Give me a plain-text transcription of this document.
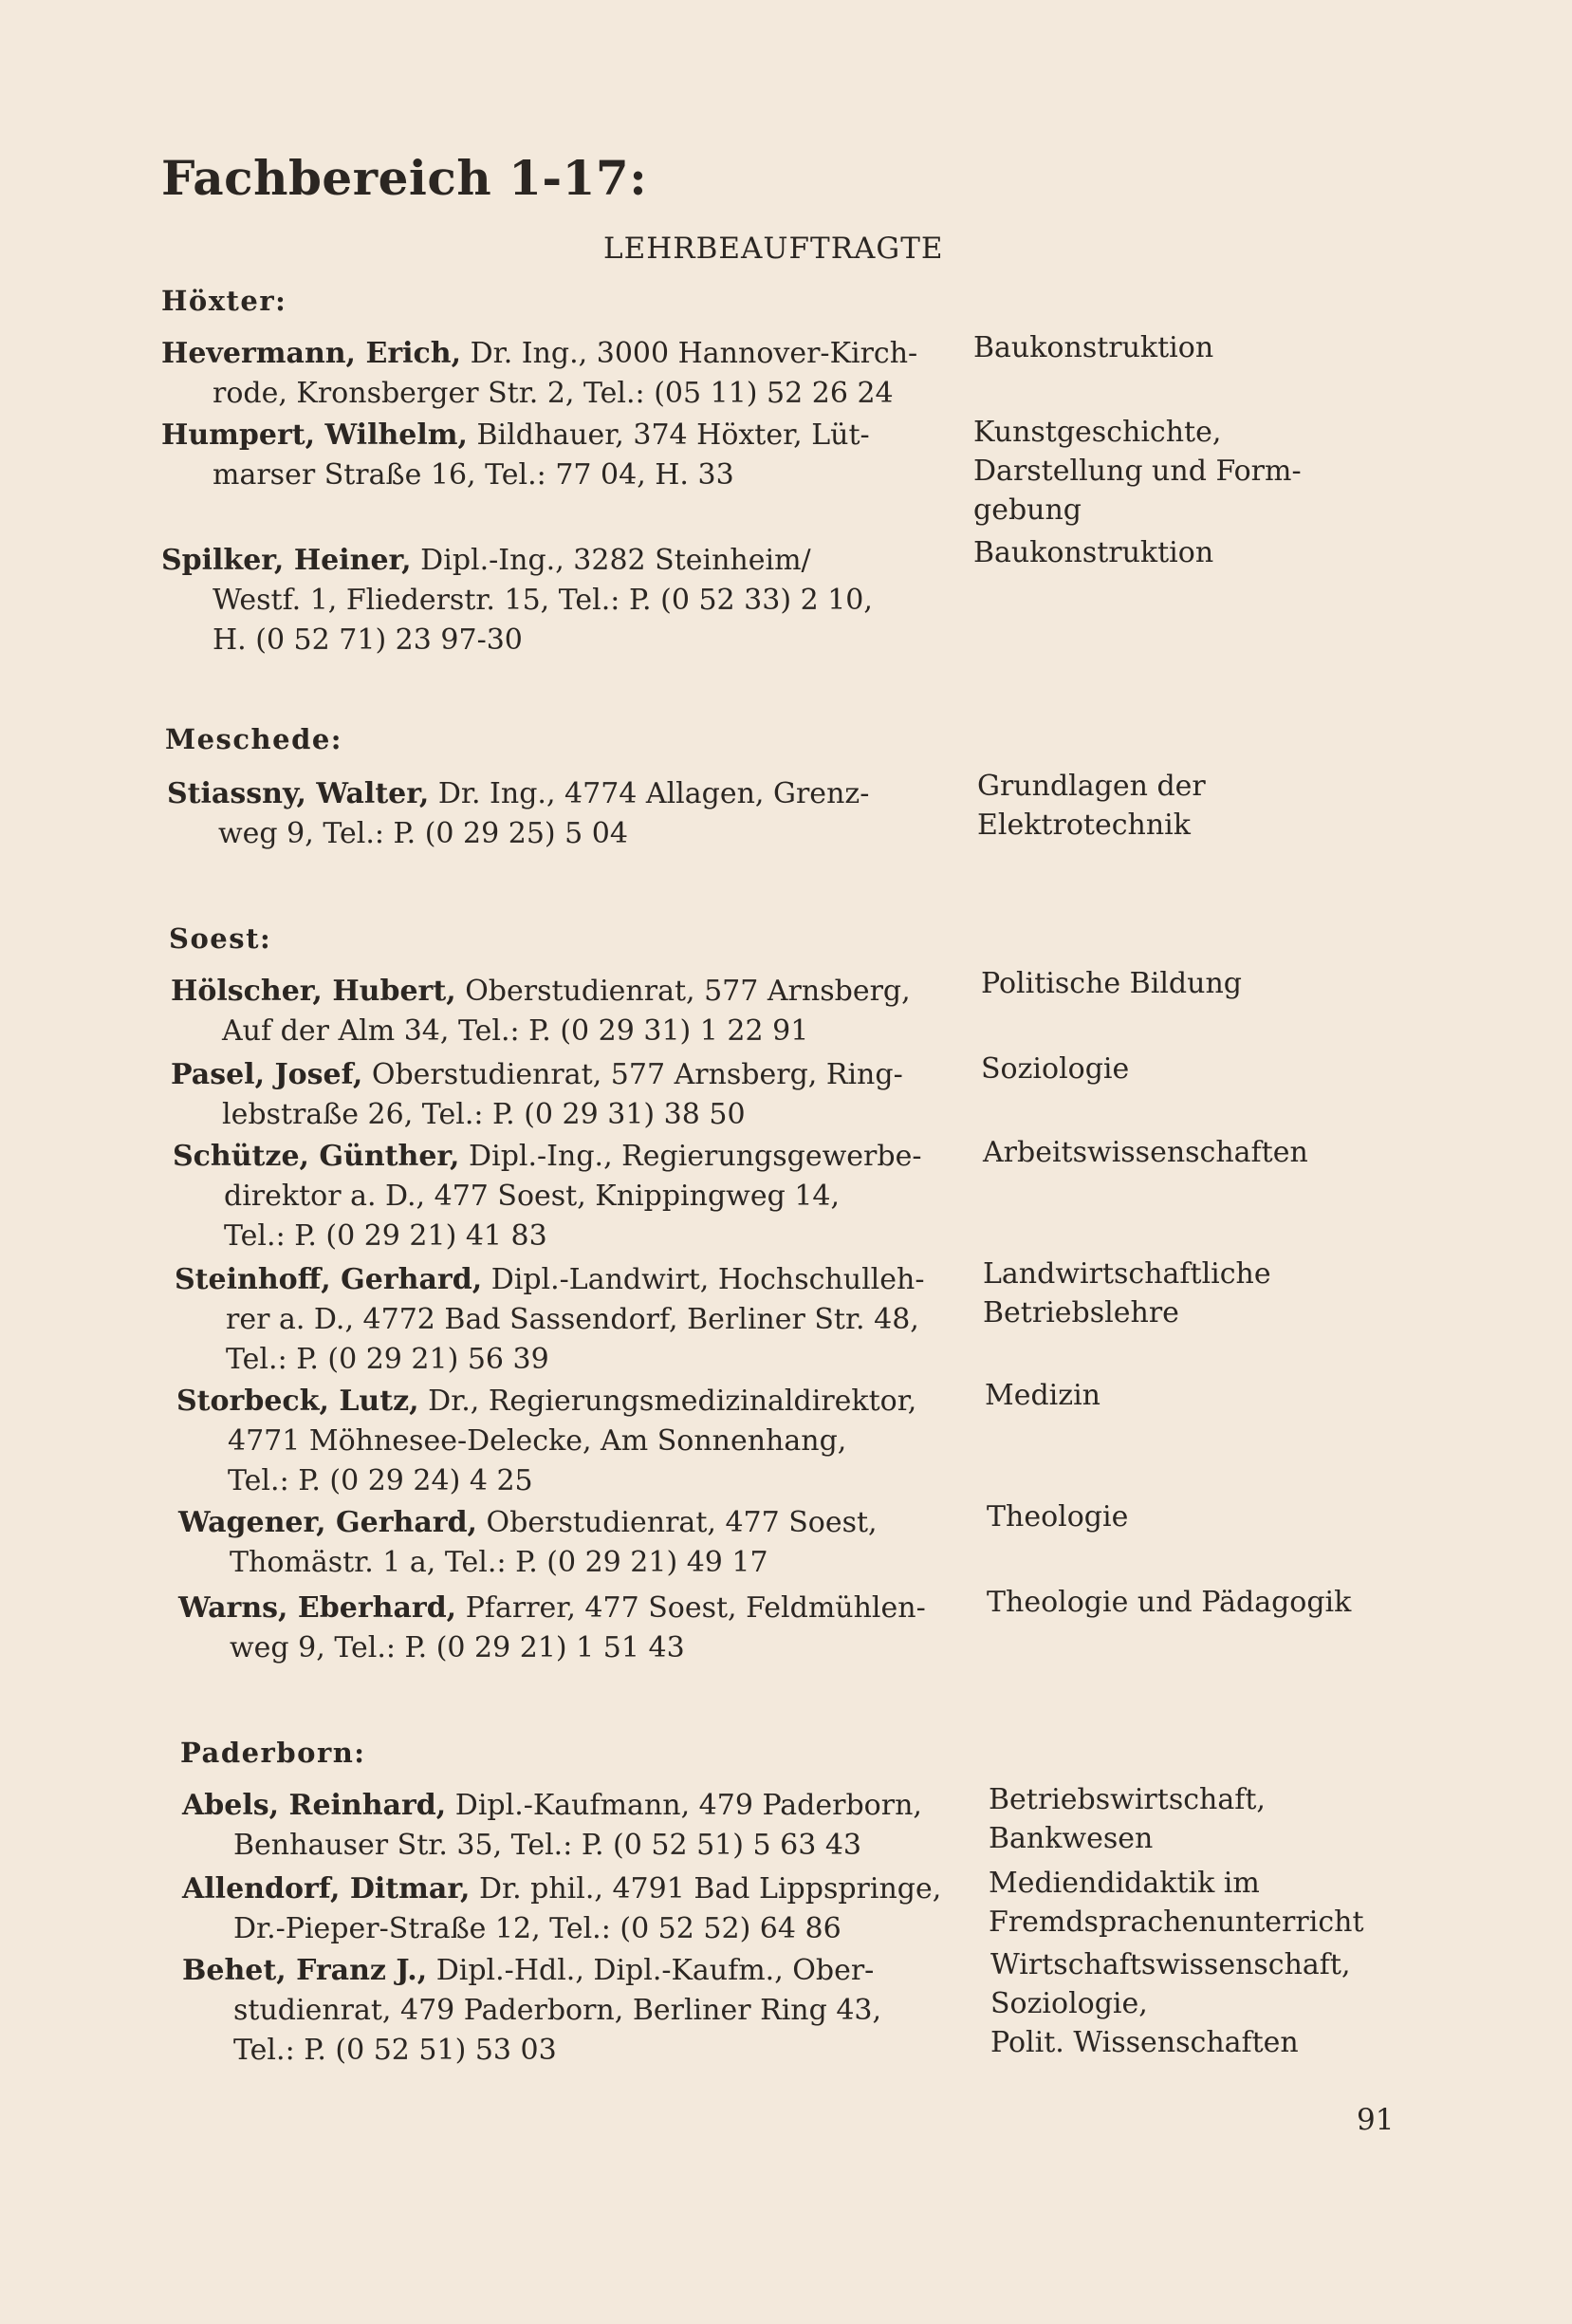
Fachbereich 1-17:
LEHRBEAUFTRAGTE
Höxter:
Hevermann, Erich, Dr. Ing., 3000 Hannover-Kirch-
rode, Kronsberger Str. 2, Tel.: (05 11) 52 26 24
Baukonstruktion
Humpert, Wilhelm, Bildhauer, 374 Höxter, Lüt-
marser Straße 16, Tel.: 77 04, H. 33
Kunstgeschichte,
Darstellung und Form-
gebung
Spilker, Heiner, Dipl.-Ing., 3282 Steinheim/
Westf. 1, Fliederstr. 15, Tel.: P. (0 52 33) 2 10,
H. (0 52 71) 23 97-30
Baukonstruktion
Meschede:
Stiassny, Walter, Dr. Ing., 4774 Allagen, Grenz-
weg 9, Tel.: P. (0 29 25) 5 04
Grundlagen der
Elektrotechnik
Soest:
Hölscher, Hubert, Oberstudienrat, 577 Arnsberg,
Auf der Alm 34, Tel.: P. (0 29 31) 1 22 91
Politische Bildung
Pasel, Josef, Oberstudienrat, 577 Arnsberg, Ring-
lebstraße 26, Tel.: P. (0 29 31) 38 50
Soziologie
Schütze, Günther, Dipl.-Ing., Regierungsgewerbe-
direktor a. D., 477 Soest, Knippingweg 14,
Tel.: P. (0 29 21) 41 83
Arbeitswissenschaften
Steinhoff, Gerhard, Dipl.-Landwirt, Hochschulleh-
rer a. D., 4772 Bad Sassendorf, Berliner Str. 48,
Tel.: P. (0 29 21) 56 39
Landwirtschaftliche
Betriebslehre
Storbeck, Lutz, Dr., Regierungsmedizinaldirektor,
4771 Möhnesee-Delecke, Am Sonnenhang,
Tel.: P. (0 29 24) 4 25
Medizin
Wagener, Gerhard, Oberstudienrat, 477 Soest,
Thomästr. 1 a, Tel.: P. (0 29 21) 49 17
Theologie
Warns, Eberhard, Pfarrer, 477 Soest, Feldmühlen-
weg 9, Tel.: P. (0 29 21) 1 51 43
Theologie und Pädagogik
Paderborn:
Abels, Reinhard, Dipl.-Kaufmann, 479 Paderborn,
Benhauser Str. 35, Tel.: P. (0 52 51) 5 63 43
Betriebswirtschaft,
Bankwesen
Allendorf, Ditmar, Dr. phil., 4791 Bad Lippspringe,
Dr.-Pieper-Straße 12, Tel.: (0 52 52) 64 86
Mediendidaktik im
Fremdsprachenunterricht
Behet, Franz J., Dipl.-Hdl., Dipl.-Kaufm., Ober-
studienrat, 479 Paderborn, Berliner Ring 43,
Tel.: P. (0 52 51) 53 03
Wirtschaftswissenschaft,
Soziologie,
Polit. Wissenschaften
91
